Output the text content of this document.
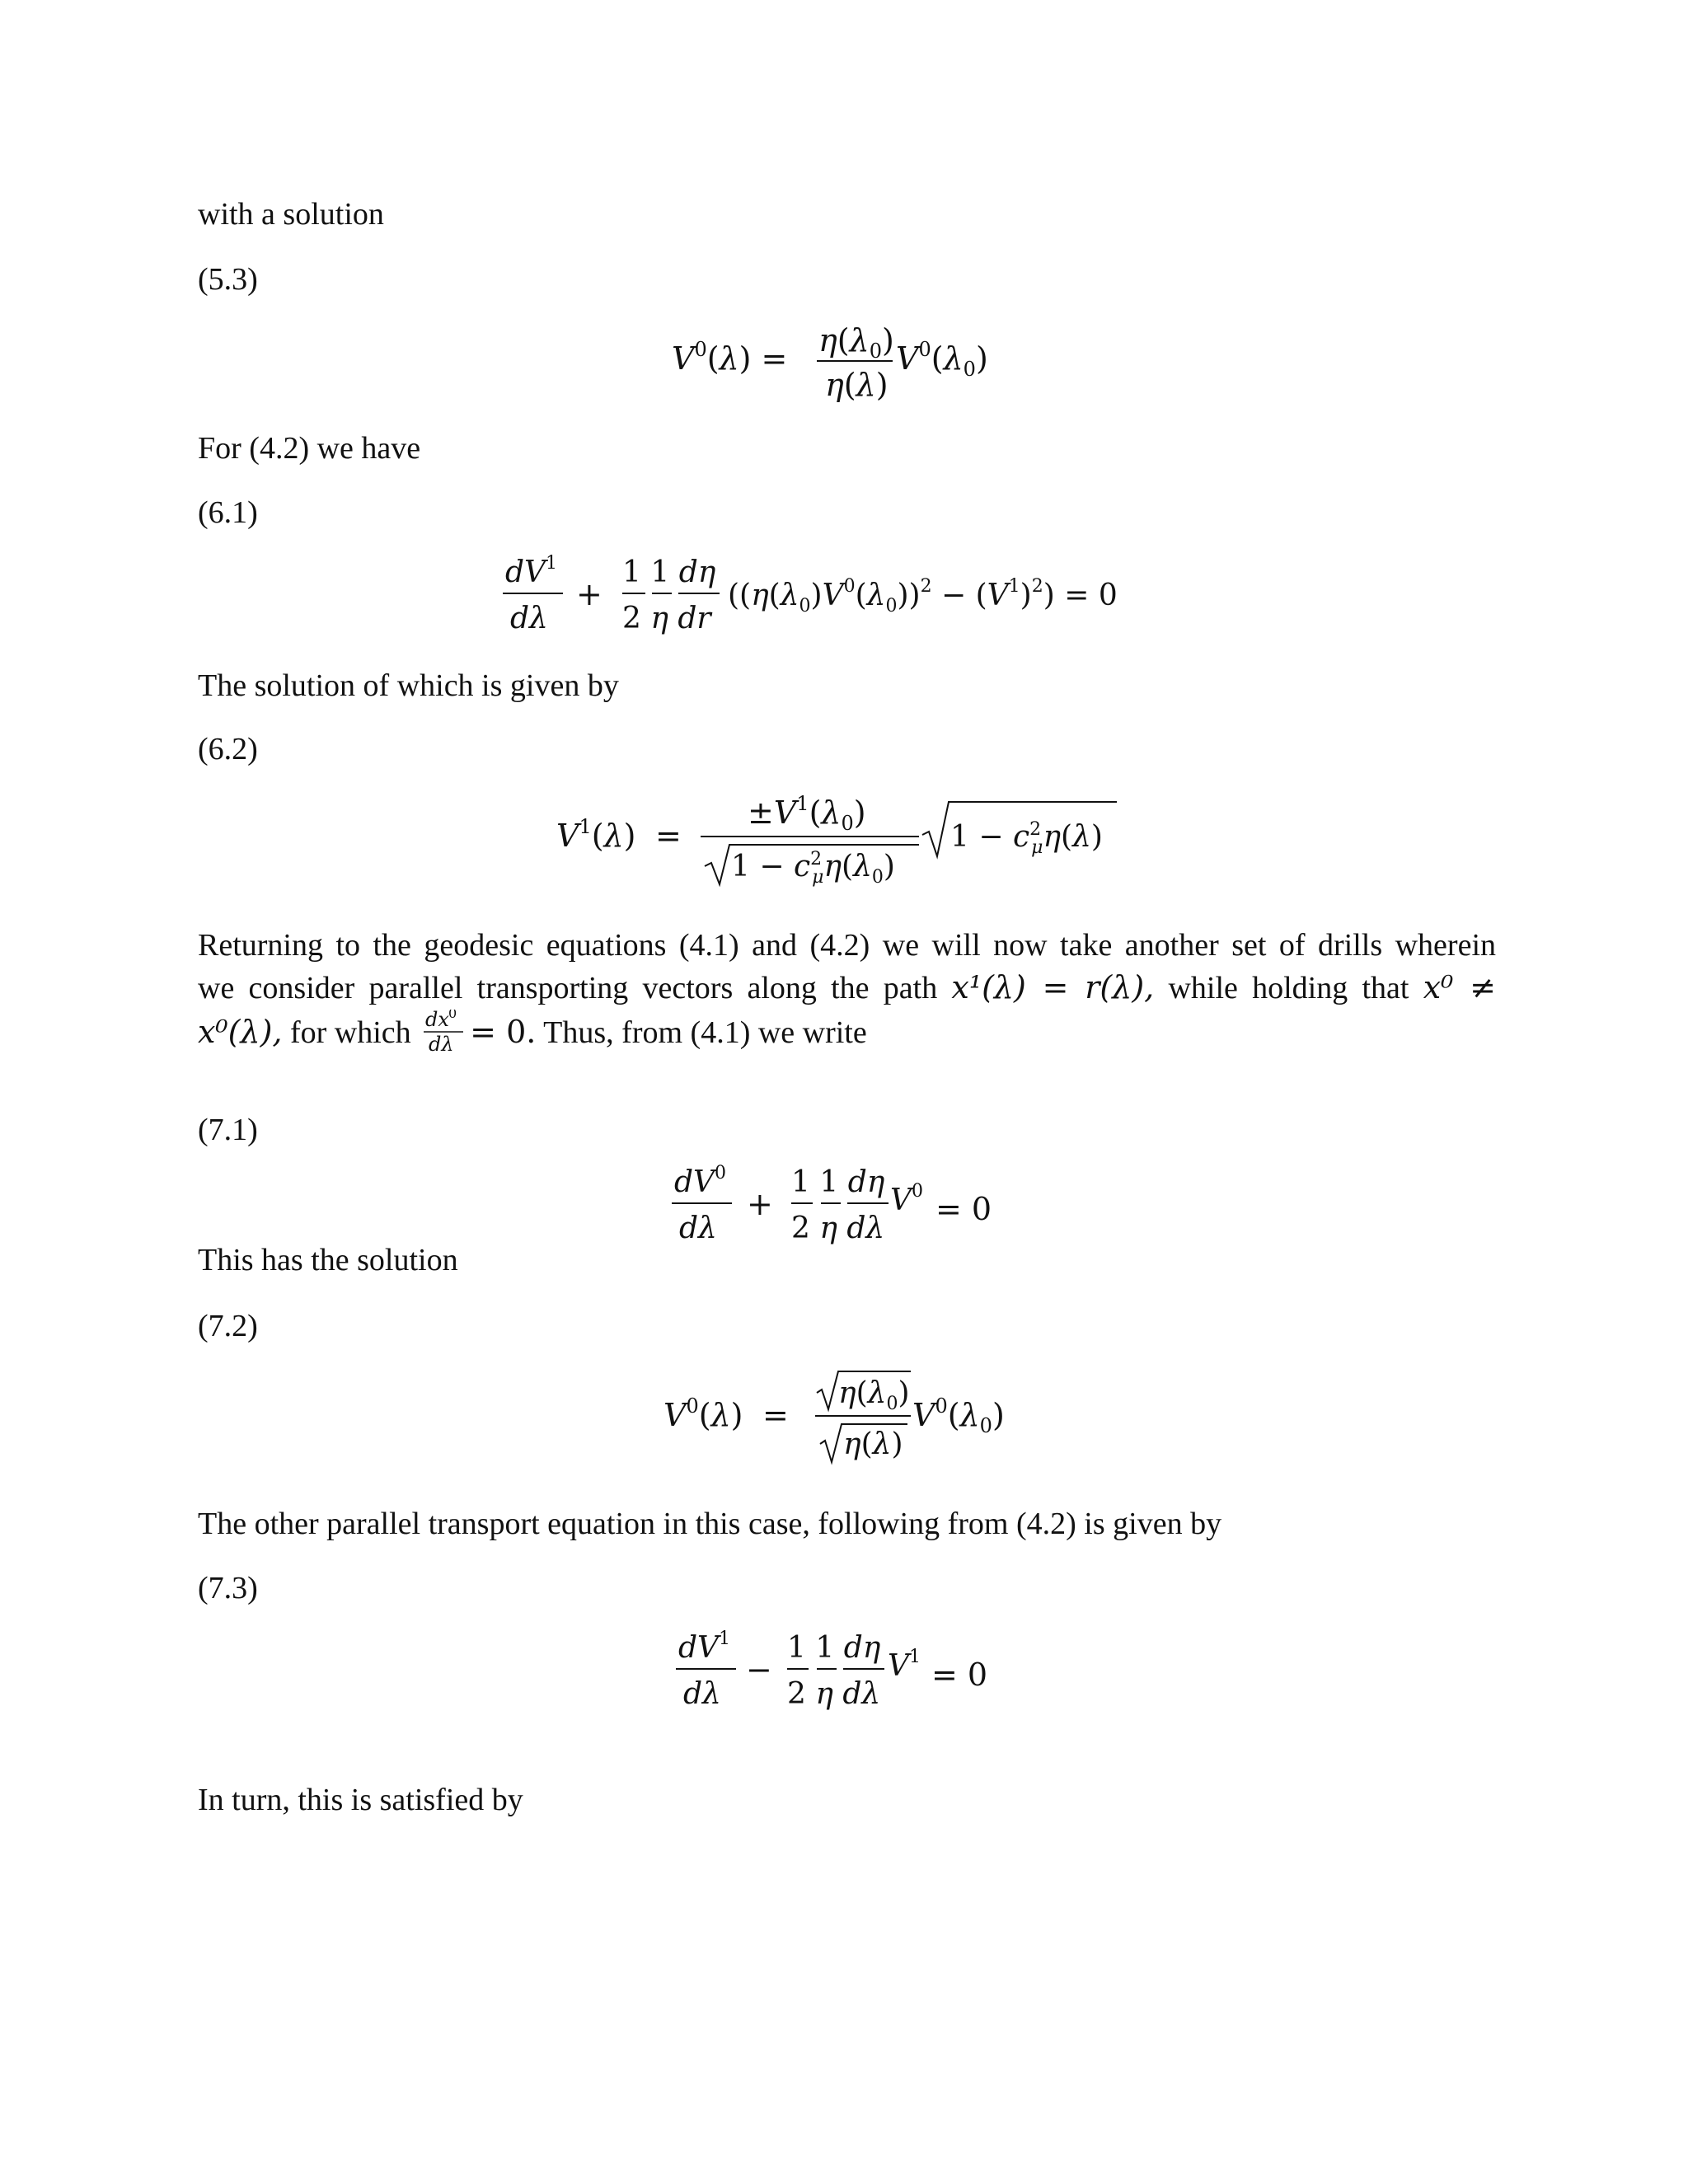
with a solution
(5.3)
$V^0(\lambda) = \eta(\lambda_0)$
η(λ)
$V^0(\lambda_0)$
For (4.2) we have
(6.1)
$dV^1$
dλ
+
1 1 dη
2 η dr
$((\eta(\lambda_0)V^0(\lambda_0))^2 - (V^1)^2) = 0$
The solution of which is given by
(6.2)
$V^1(\lambda)$ =
$\pm V^1(\lambda_0)$
$1 - c^2$ $\mu\eta(\lambda_0)$
$1 - c^2$ μη(λ)
Returning to the geodesic equations (4.1) and (4.2) we will now take another set of drills wherein
we consider parallel transporting vectors along the path x¹(λ) = r(λ), while holding that x⁰ ≠
x⁰(λ), for which dx 0
dλ = 0. Thus, from (4.1) we write
(7.1)
$dV^0$
dλ
+
1 1 dη
2 η dλ
$V^0 = 0$
This has the solution
(7.2)
$V^0(\lambda)$ =
$\eta(\lambda_0)$
η(λ)
$V^0(\lambda_0)$
The other parallel transport equation in this case, following from (4.2) is given by
(7.3)
$dV^1$
dλ
−
1 1 dη
2 η dλ
$V^1 = 0$
In turn, this is satisfied by
